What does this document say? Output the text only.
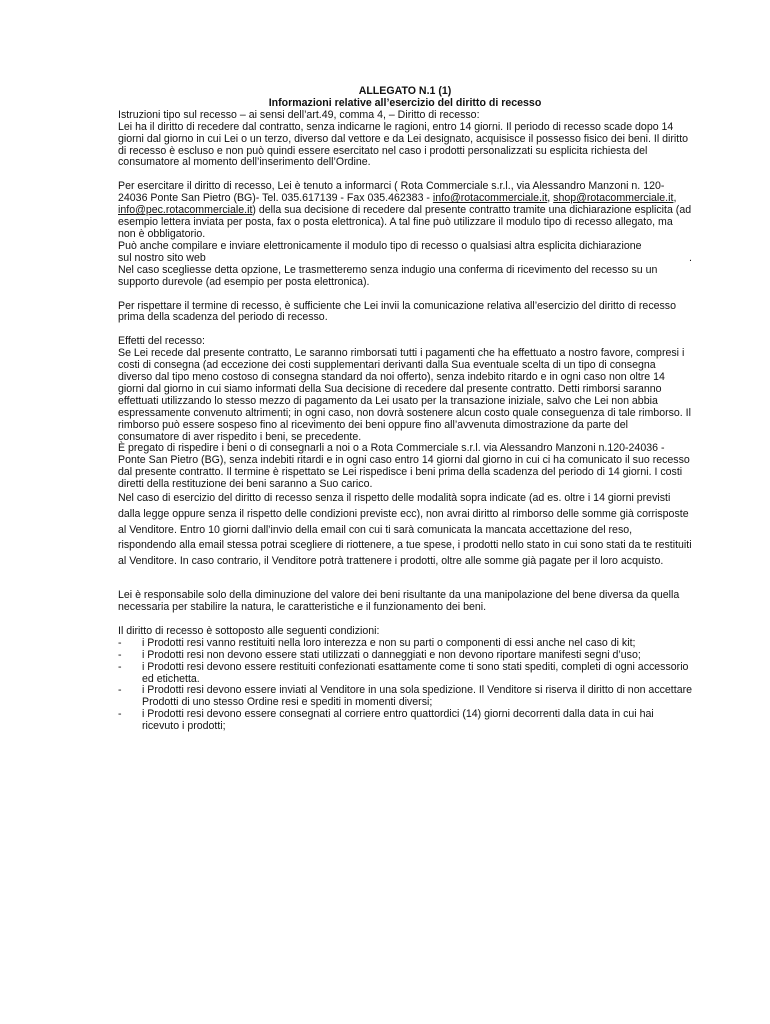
ALLEGATO N.1 (1)

Informazioni relative all’esercizio del diritto di recesso

Istruzioni tipo sul recesso – ai sensi dell’art.49, comma 4, – Diritto di recesso:

Lei ha il diritto di recedere dal contratto, senza indicarne le ragioni, entro 14 giorni. Il periodo di recesso scade dopo 14 giorni dal giorno in cui Lei o un terzo, diverso dal vettore e da Lei designato, acquisisce il possesso fisico dei beni. Il diritto di recesso è escluso e non può quindi essere esercitato nel caso i prodotti personalizzati su esplicita richiesta del consumatore al momento dell’inserimento dell’Ordine.

Per esercitare il diritto di recesso, Lei è tenuto a informarci ( Rota Commerciale s.r.l., via Alessandro Manzoni n. 120- 24036 Ponte San Pietro (BG)- Tel. 035.617139 - Fax 035.462383 - info@rotacommerciale.it, shop@rotacommerciale.it, info@pec.rotacommerciale.it) della sua decisione di recedere dal presente contratto tramite una dichiarazione esplicita (ad esempio lettera inviata per posta, fax o posta elettronica). A tal fine può utilizzare il modulo tipo di recesso allegato, ma non è obbligatorio.

Può anche compilare e inviare elettronicamente il modulo tipo di recesso o qualsiasi altra esplicita dichiarazione

sul nostro sito web	.

Nel caso scegliesse detta opzione, Le trasmetteremo senza indugio una conferma di ricevimento del recesso su un supporto durevole (ad esempio per posta elettronica).

Per rispettare il termine di recesso, è sufficiente che Lei invii la comunicazione relativa all’esercizio del diritto di recesso prima della scadenza del periodo di recesso.

Effetti del recesso:

Se Lei recede dal presente contratto, Le saranno rimborsati tutti i pagamenti che ha effettuato a nostro favore, compresi i costi di consegna (ad eccezione dei costi supplementari derivanti dalla Sua eventuale scelta di un tipo di consegna diverso dal tipo meno costoso di consegna standard da noi offerto), senza indebito ritardo e in ogni caso non oltre 14 giorni dal giorno in cui siamo informati della Sua decisione di recedere dal presente contratto. Detti rimborsi saranno effettuati utilizzando lo stesso mezzo di pagamento da Lei usato per la transazione iniziale, salvo che Lei non abbia espressamente convenuto altrimenti; in ogni caso, non dovrà sostenere alcun costo quale conseguenza di tale rimborso. Il rimborso può essere sospeso fino al ricevimento dei beni oppure fino all’avvenuta dimostrazione da parte del consumatore di aver rispedito i beni, se precedente.

È pregato di rispedire i beni o di consegnarli a noi o a Rota Commerciale s.r.l. via Alessandro Manzoni n.120-24036 - Ponte San Pietro (BG), senza indebiti ritardi e in ogni caso entro 14 giorni dal giorno in cui ci ha comunicato il suo recesso dal presente contratto. Il termine è rispettato se Lei rispedisce i beni prima della scadenza del periodo di 14 giorni. I costi diretti della restituzione dei beni saranno a Suo carico.

Nel caso di esercizio del diritto di recesso senza il rispetto delle modalità sopra indicate (ad es. oltre i 14 giorni previsti dalla legge oppure senza il rispetto delle condizioni previste ecc), non avrai diritto al rimborso delle somme già corrisposte al Venditore. Entro 10 giorni dall’invio della email con cui ti sarà comunicata la mancata accettazione del reso, rispondendo alla email stessa potrai scegliere di riottenere, a tue spese, i prodotti nello stato in cui sono stati da te restituiti al Venditore. In caso contrario, il Venditore potrà trattenere i prodotti, oltre alle somme già pagate per il loro acquisto.

Lei è responsabile solo della diminuzione del valore dei beni risultante da una manipolazione del bene diversa da quella necessaria per stabilire la natura, le caratteristiche e il funzionamento dei beni.

Il diritto di recesso è sottoposto alle seguenti condizioni:

- i Prodotti resi vanno restituiti nella loro interezza e non su parti o componenti di essi anche nel caso di kit;
- i Prodotti resi non devono essere stati utilizzati o danneggiati e non devono riportare manifesti segni d’uso;
- i Prodotti resi devono essere restituiti confezionati esattamente come ti sono stati spediti, completi di ogni accessorio ed etichetta.
- i Prodotti resi devono essere inviati al Venditore in una sola spedizione. Il Venditore si riserva il diritto di non accettare Prodotti di uno stesso Ordine resi e spediti in momenti diversi;
- i Prodotti resi devono essere consegnati al corriere entro quattordici (14) giorni decorrenti dalla data in cui hai ricevuto i prodotti;
